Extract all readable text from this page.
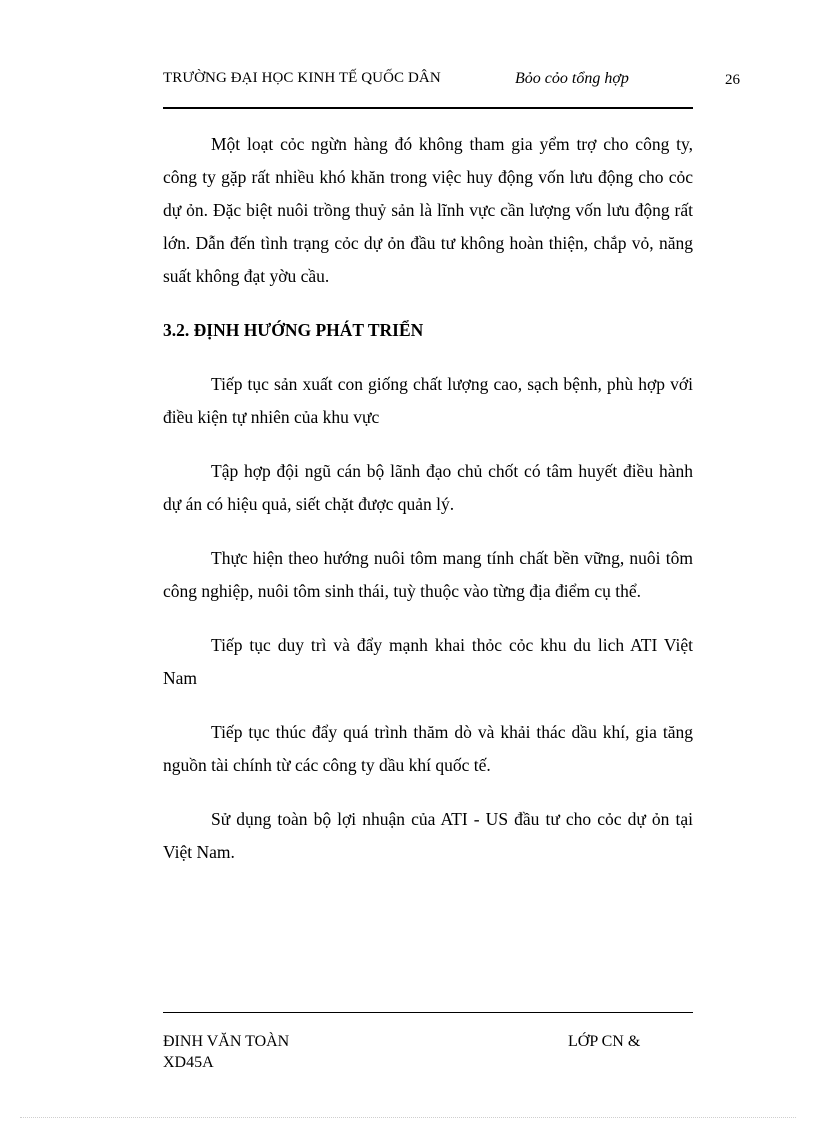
TRƯỜNG ĐẠI HỌC KINH TẾ QUỐC DÂN	Bỏo cỏo tổng hợp	26

Một loạt cỏc ngừn hàng đó không tham gia yểm trợ cho công ty, công ty gặp rất nhiều khó khăn trong việc huy động vốn lưu động cho cỏc dự ỏn. Đặc biệt nuôi trồng thuỷ sản là lĩnh vực cần lượng vốn lưu động rất lớn. Dẫn đến tình trạng cỏc dự ỏn đầu tư không hoàn thiện, chắp vỏ, năng suất không đạt yờu cầu.

3.2. ĐỊNH HƯỚNG PHÁT TRIỂN

Tiếp tục sản xuất con giống chất lượng cao, sạch bệnh, phù hợp với điều kiện tự nhiên của khu vực

Tập hợp đội ngũ cán bộ lãnh đạo chủ chốt có tâm huyết điều hành dự án có hiệu quả, siết chặt được quản lý.

Thực hiện theo hướng nuôi tôm mang tính chất bền vững, nuôi tôm công nghiệp, nuôi tôm sinh thái, tuỳ thuộc vào từng địa điểm cụ thể.

Tiếp tục duy trì và đẩy mạnh khai thỏc cỏc khu du lich ATI Việt Nam

Tiếp tục thúc đẩy quá trình thăm dò và khải thác dầu khí, gia tăng nguồn tài chính từ các công ty dầu khí quốc tế.

Sử dụng toàn bộ lợi nhuận của ATI - US đầu tư cho cỏc dự ỏn tại Việt Nam.

ĐINH VĂN TOÀN	LỚP CN &
XD45A
